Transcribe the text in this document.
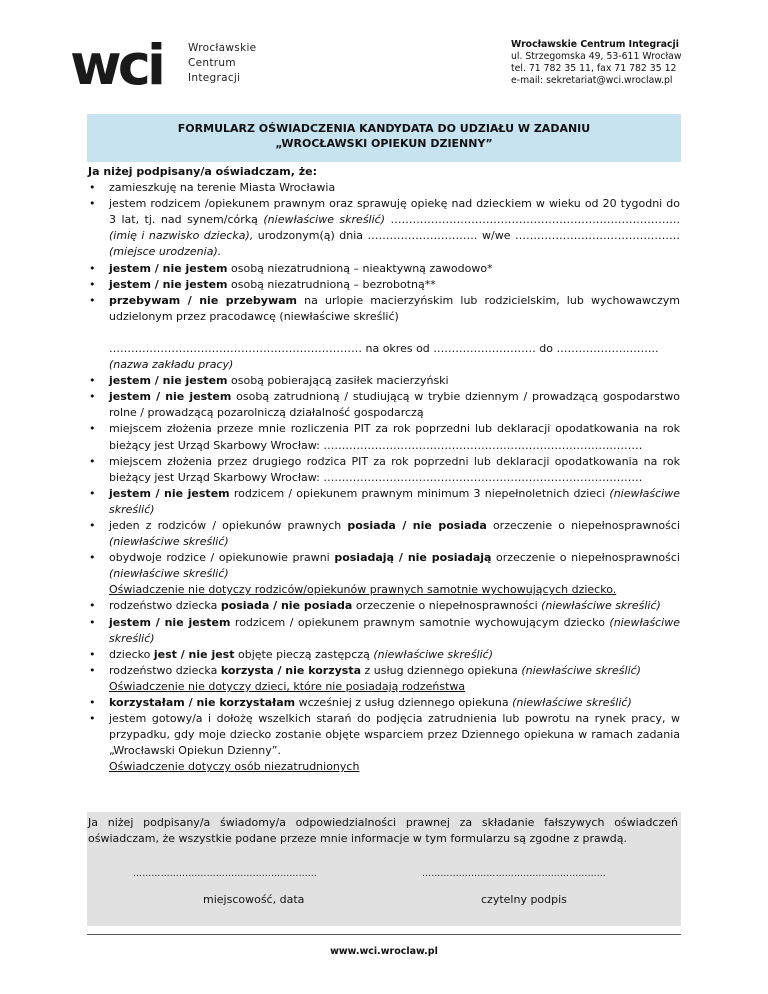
wci Wrocławskie
Centrum
Integracji
Wrocławskie Centrum Integracji
ul. Strzegomska 49, 53-611 Wrocław
tel. 71 782 35 11, fax 71 782 35 12
e-mail: sekretariat@wci.wroclaw.pl
FORMULARZ OŚWIADCZENIA KANDYDATA DO UDZIAŁU W ZADANIU
„WROCŁAWSKI OPIEKUN DZIENNY”

Ja niżej podpisany/a oświadczam, że:

• zamieszkuję na terenie Miasta Wrocławia
• jestem rodzicem /opiekunem prawnym oraz sprawuję opiekę nad dzieckiem w wieku od 20 tygodni do 3 lat, tj. nad synem/córką (niewłaściwe skreślić) ……………………………………………………………………. (imię i nazwisko dziecka), urodzonym(ą) dnia ………………………… w/we ……………………………………… (miejsce urodzenia).
• jestem / nie jestem osobą niezatrudnioną – nieaktywną zawodowo*
• jestem / nie jestem osobą niezatrudnioną – bezrobotną**
• przebywam / nie przebywam na urlopie macierzyńskim lub rodzicielskim, lub wychowawczym udzielonym przez pracodawcę (niewłaściwe skreślić)
…………………………………………………………… na okres od …………….………… do ………………..……..
(nazwa zakładu pracy)
• jestem / nie jestem osobą pobierającą zasiłek macierzyński
• jestem / nie jestem osobą zatrudnioną / studiującą w trybie dziennym / prowadzącą gospodarstwo rolne / prowadzącą pozarolniczą działalność gospodarczą
• miejscem złożenia przeze mnie rozliczenia PIT za rok poprzedni lub deklaracji opodatkowania na rok bieżący jest Urząd Skarbowy Wrocław: ……………………………………………………………………………
• miejscem złożenia przez drugiego rodzica PIT za rok poprzedni lub deklaracji opodatkowania na rok bieżący jest Urząd Skarbowy Wrocław: ……………………………………………………………………………
• jestem / nie jestem rodzicem / opiekunem prawnym minimum 3 niepełnoletnich dzieci (niewłaściwe skreślić)
• jeden z rodziców / opiekunów prawnych posiada / nie posiada orzeczenie o niepełnosprawności (niewłaściwe skreślić)
• obydwoje rodzice / opiekunowie prawni posiadają / nie posiadają orzeczenie o niepełnosprawności (niewłaściwe skreślić)
Oświadczenie nie dotyczy rodziców/opiekunów prawnych samotnie wychowujących dziecko.
• rodzeństwo dziecka posiada / nie posiada orzeczenie o niepełnosprawności (niewłaściwe skreślić)
• jestem / nie jestem rodzicem / opiekunem prawnym samotnie wychowującym dziecko (niewłaściwe skreślić)
• dziecko jest / nie jest objęte pieczą zastępczą (niewłaściwe skreślić)
• rodzeństwo dziecka korzysta / nie korzysta z usług dziennego opiekuna (niewłaściwe skreślić)
Oświadczenie nie dotyczy dzieci, które nie posiadają rodzeństwa
• korzystałam / nie korzystałam wcześniej z usług dziennego opiekuna (niewłaściwe skreślić)
• jestem gotowy/a i dołożę wszelkich starań do podjęcia zatrudnienia lub powrotu na rynek pracy, w przypadku, gdy moje dziecko zostanie objęte wsparciem przez Dziennego opiekuna w ramach zadania „Wrocławski Opiekun Dzienny”.
Oświadczenie dotyczy osób niezatrudnionych
Ja niżej podpisany/a świadomy/a odpowiedzialności prawnej za składanie fałszywych oświadczeń oświadczam, że wszystkie podane przeze mnie informacje w tym formularzu są zgodne z prawdą.
……………………………………………………	……………………………………………………
miejscowość, data	czytelny podpis
www.wci.wroclaw.pl
